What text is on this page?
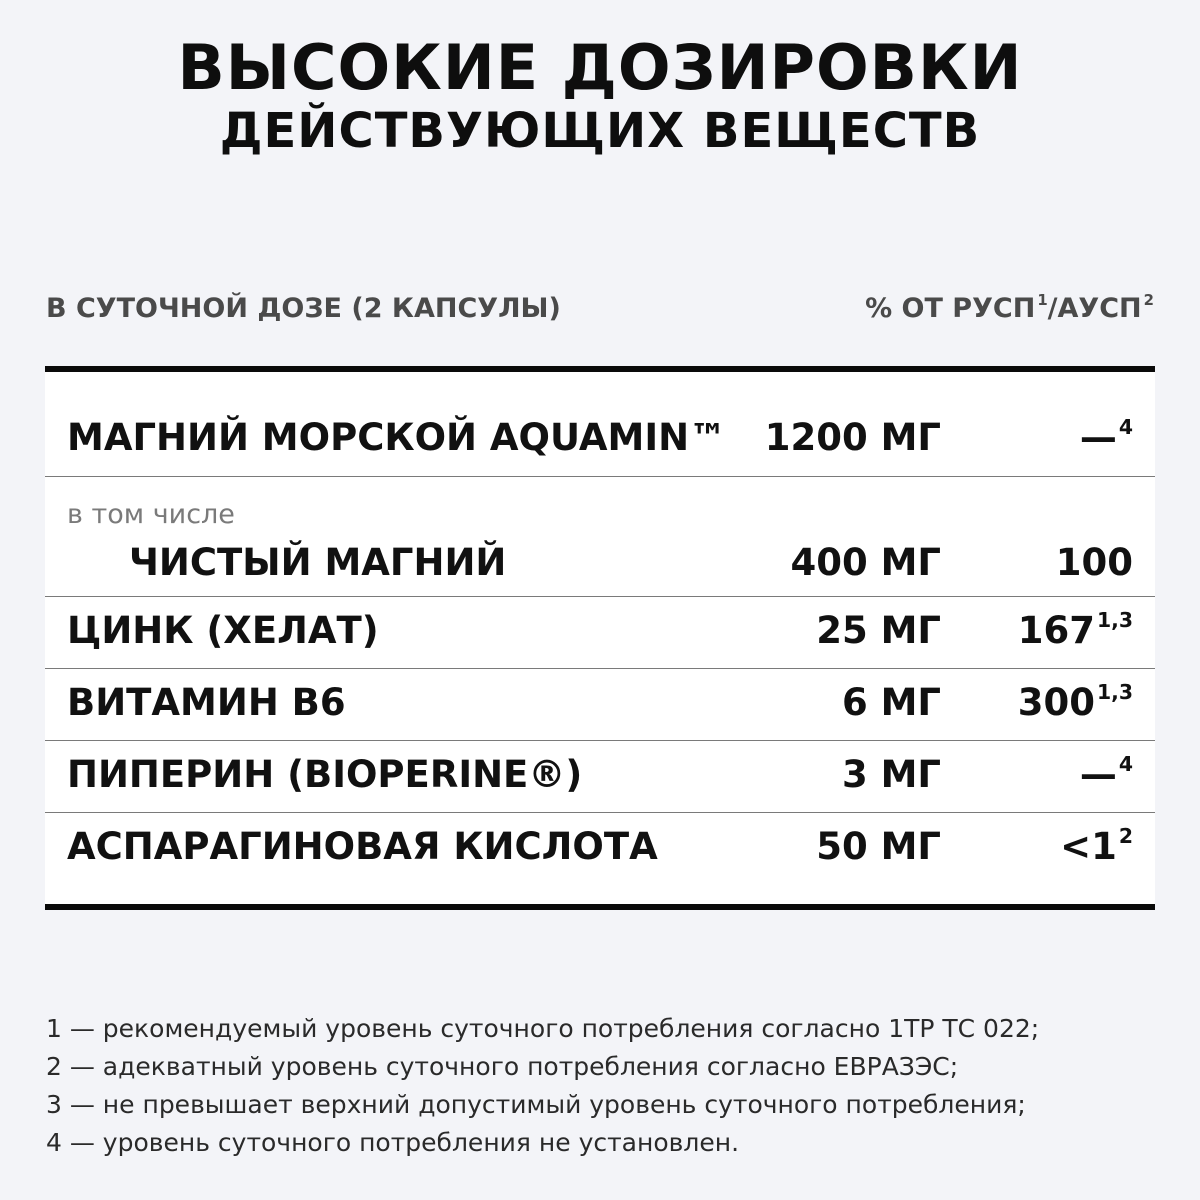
ВЫСОКИЕ ДОЗИРОВКИ
ДЕЙСТВУЮЩИХ ВЕЩЕСТВ
В СУТОЧНОЙ ДОЗЕ (2 КАПСУЛЫ)	% ОТ РУСП $^1$/АУСП $^2$
МАГНИЙ МОРСКОЙ AQUAMIN™ 1200 МГ	—$^4$
в том числе
ЧИСТЫЙ МАГНИЙ	400 МГ	100
ЦИНК (ХЕЛАТ)	25 МГ 167$^{1,3}$
ВИТАМИН В6	6 МГ 300$^{1,3}$
ПИПЕРИН (BIOPERINE®)	3 МГ	—$^4$
АСПАРАГИНОВАЯ КИСЛОТА	50 МГ	$<1^2$
1 — рекомендуемый уровень суточного потребления согласно 1ТР ТС 022;
2 — адекватный уровень суточного потребления согласно ЕВРАЗЭС;
3 — не превышает верхний допустимый уровень суточного потребления;
4 — уровень суточного потребления не установлен.
